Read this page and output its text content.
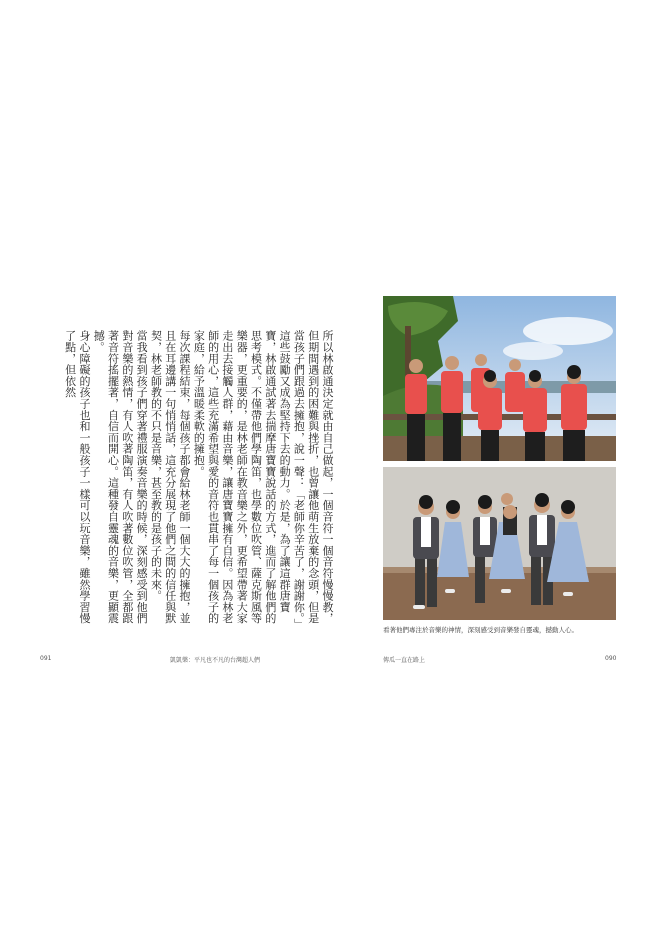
所以林啟通決定就由自己做起，一個音符一個音符慢慢教，但期間遇到的困難與挫折，也曾讓他萌生放棄的念頭，但是當孩子們跟過去擁抱，說一聲：「老師你辛苦了，謝謝你。」這些鼓勵又成為堅持下去的動力。於是，為了讓這群唐寶寶，林啟通試著去揣摩唐寶寶說話的方式，進而了解他們的思考模式。不僅帶他們學陶笛，也學數位吹管、薩克斯風等樂器，更重要的，是林老師在教音樂之外，更希望帶著大家走出去接觸人群，藉由音樂，讓唐寶寶擁有自信。因為林老師的用心，這些充滿希望與愛的音符也貫串了每一個孩子的家庭，給予溫暖柔軟的擁抱。

每次課程結束，每個孩子都會給林老師一個大大的擁抱，並且在耳邊講一句悄悄話，這充分展現了他們之間的信任與默契，林老師教的不只是音樂，甚至教的是孩子的未來。

當我看到孩子們穿著禮服演奏音樂的時候，深刻感受到他們對音樂的熱情，有人吹著陶笛，有人吹著數位吹管，全都跟著音符搖擺著，自信而開心。這種發自靈魂的音樂，更顯震撼。

身心障礙的孩子也和一般孩子一樣可以玩音樂，雖然學習慢了點，但依然

看著他們專注於音樂的神情，深刻感受到音樂發自靈魂，撼動人心。
091	凱凱樂：平凡也不凡的台灣超人們	傳瓜一直在路上	090
